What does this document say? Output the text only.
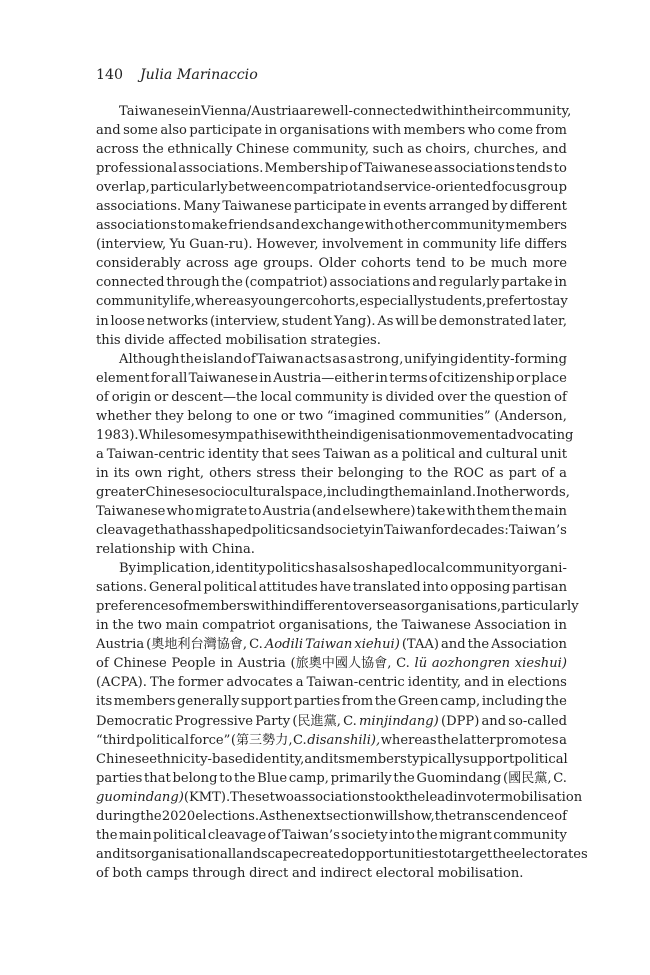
140 Julia Marinaccio
Taiwanese in Vienna/Austria are well-connected within their community,
and some also participate in organisations with members who come from
across the ethnically Chinese community, such as choirs, churches, and
professional associations. Membership of Taiwanese associations tends to
overlap, particularly between compatriot and service-oriented focus group
associations. Many Taiwanese participate in events arranged by different
associations to make friends and exchange with other community members
(interview, Yu Guan-ru). However, involvement in community life differs
considerably across age groups. Older cohorts tend to be much more
connected through the (compatriot) associations and regularly partake in
community life, whereas younger cohorts, especially students, prefer to stay
in loose networks (interview, student Yang). As will be demonstrated later,
this divide affected mobilisation strategies.
Although the island of Taiwan acts as a strong, unifying identity-forming
element for all Taiwanese in Austria—either in terms of citizenship or place
of origin or descent—the local community is divided over the question of
whether they belong to one or two “imagined communities” (Anderson,
1983). While some sympathise with the indigenisation movement advocating
a Taiwan-centric identity that sees Taiwan as a political and cultural unit
in its own right, others stress their belonging to the ROC as part of a
greater Chinese sociocultural space, including the mainland. In other words,
Taiwanese who migrate to Austria (and elsewhere) take with them the main
cleavage that has shaped politics and society in Taiwan for decades: Taiwan’s
relationship with China.
By implication, identity politics has also shaped local community organi-
sations. General political attitudes have translated into opposing partisan
preferences of members within different overseas organisations, particularly
in the two main compatriot organisations, the Taiwanese Association in
Austria (奧地利台灣協會, C. Aodili Taiwan xiehui) (TAA) and the Association
of Chinese People in Austria (旅奧中國人協會, C. lü aozhongren xieshui)
(ACPA). The former advocates a Taiwan-centric identity, and in elections
its members generally support parties from the Green camp, including the
Democratic Progressive Party (民進黨, C. minjindang) (DPP) and so-called
“third political force” (第三勢力, C. disan shili), whereas the latter promotes a
Chinese ethnicity-based identity, and its members typically support political
parties that belong to the Blue camp, primarily the Guomindang (國民黨, C.
guomindang) (KMT). These two associations took the lead in voter mobilisation
during the 2020 elections. As the next section will show, the transcendence of
the main political cleavage of Taiwan’s society into the migrant community
and its organisational landscape created opportunities to target the electorates
of both camps through direct and indirect electoral mobilisation.
